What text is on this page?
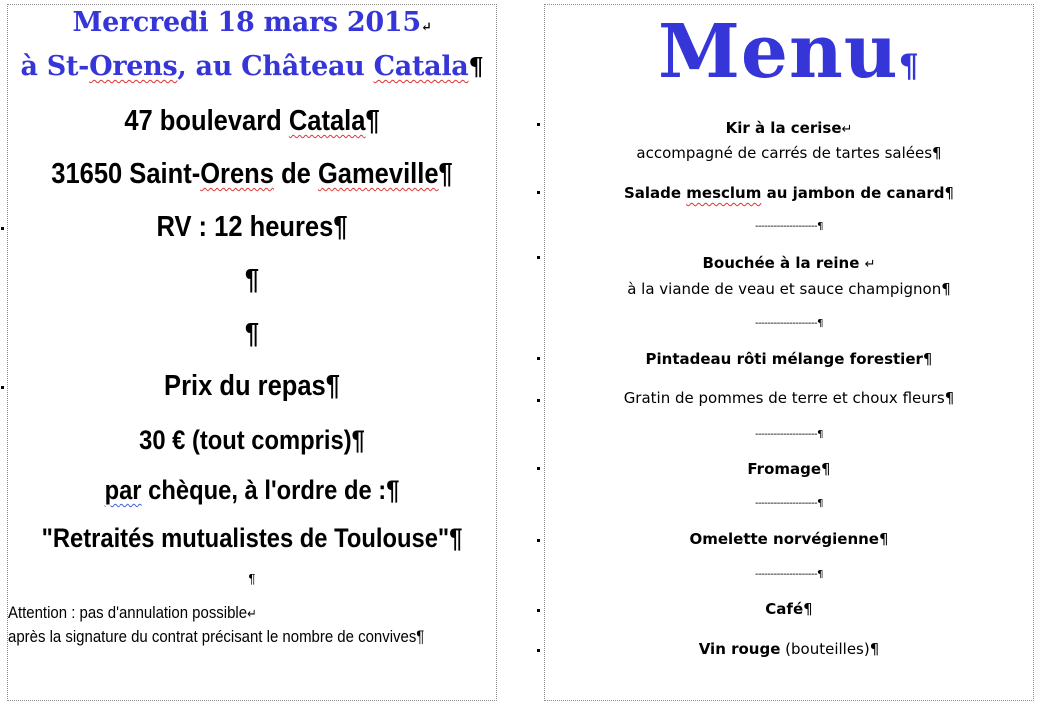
Mercredi 18 mars 2015↵
à St-Orens, au Château Catala¶
47 boulevard Catala¶
31650 Saint-Orens de Gameville¶
RV : 12 heures¶
¶
¶
Prix du repas¶
30 € (tout compris)¶
par chèque, à l'ordre de :¶
"Retraités mutualistes de Toulouse"¶
¶
Attention : pas d'annulation possible↵
après la signature du contrat précisant le nombre de convives¶
Menu¶
Kir à la cerise↵
accompagné de carrés de tartes salées¶
Salade mesclum au jambon de canard¶
--------------------¶
Bouchée à la reine ↵
à la viande de veau et sauce champignon¶
--------------------¶
Pintadeau rôti mélange forestier¶
Gratin de pommes de terre et choux fleurs¶
--------------------¶
Fromage¶
--------------------¶
Omelette norvégienne¶
--------------------¶
Café¶
Vin rouge (bouteilles)¶
